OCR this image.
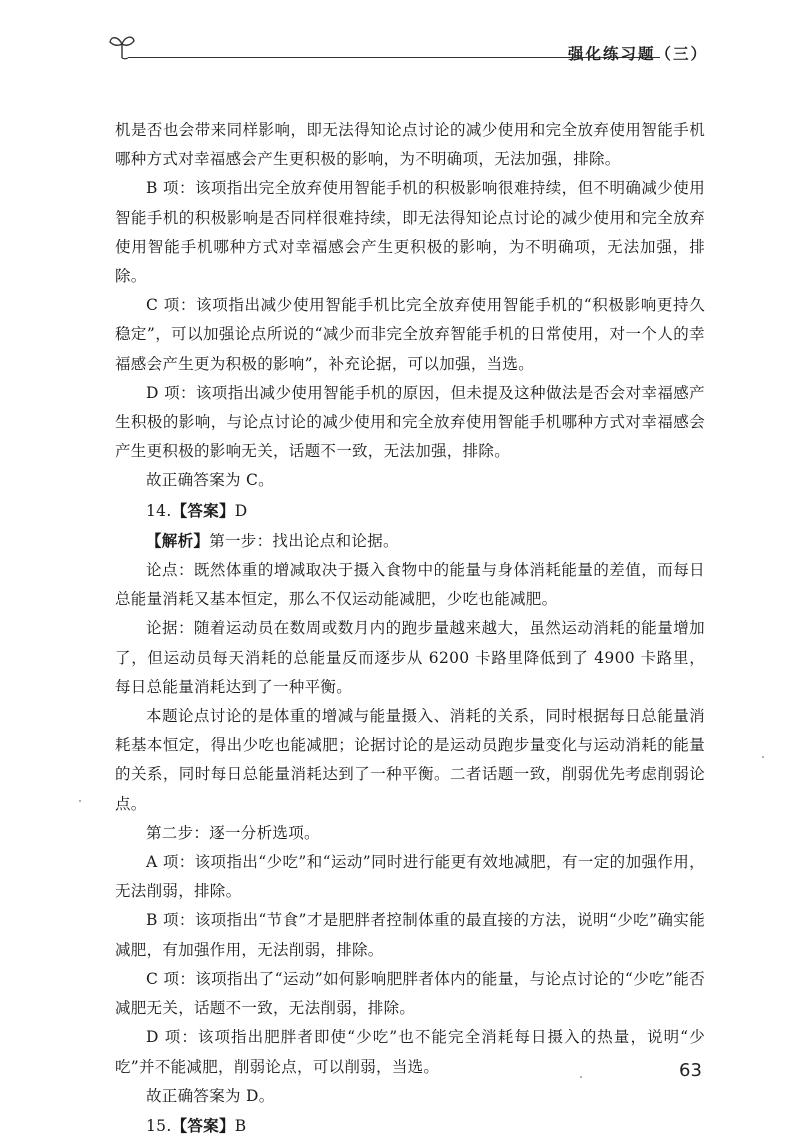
强化练习题（三）

机是否也会带来同样影响，即无法得知论点讨论的减少使用和完全放弃使用智能手机哪种方式对幸福感会产生更积极的影响，为不明确项，无法加强，排除。

B 项：该项指出完全放弃使用智能手机的积极影响很难持续，但不明确减少使用智能手机的积极影响是否同样很难持续，即无法得知论点讨论的减少使用和完全放弃使用智能手机哪种方式对幸福感会产生更积极的影响，为不明确项，无法加强，排除。

C 项：该项指出减少使用智能手机比完全放弃使用智能手机的“积极影响更持久稳定”，可以加强论点所说的“减少而非完全放弃智能手机的日常使用，对一个人的幸福感会产生更为积极的影响”，补充论据，可以加强，当选。

D 项：该项指出减少使用智能手机的原因，但未提及这种做法是否会对幸福感产生积极的影响，与论点讨论的减少使用和完全放弃使用智能手机哪种方式对幸福感会产生更积极的影响无关，话题不一致，无法加强，排除。

故正确答案为 C。

14.【答案】D

【解析】第一步：找出论点和论据。

论点：既然体重的增减取决于摄入食物中的能量与身体消耗能量的差值，而每日总能量消耗又基本恒定，那么不仅运动能减肥，少吃也能减肥。

论据：随着运动员在数周或数月内的跑步量越来越大，虽然运动消耗的能量增加了，但运动员每天消耗的总能量反而逐步从 6200 卡路里降低到了 4900 卡路里，每日总能量消耗达到了一种平衡。

本题论点讨论的是体重的增减与能量摄入、消耗的关系，同时根据每日总能量消耗基本恒定，得出少吃也能减肥；论据讨论的是运动员跑步量变化与运动消耗的能量的关系，同时每日总能量消耗达到了一种平衡。二者话题一致，削弱优先考虑削弱论点。

第二步：逐一分析选项。

A 项：该项指出“少吃”和“运动”同时进行能更有效地减肥，有一定的加强作用，无法削弱，排除。

B 项：该项指出“节食”才是肥胖者控制体重的最直接的方法，说明“少吃”确实能减肥，有加强作用，无法削弱，排除。

C 项：该项指出了“运动”如何影响肥胖者体内的能量，与论点讨论的“少吃”能否减肥无关，话题不一致，无法削弱，排除。

D 项：该项指出肥胖者即使“少吃”也不能完全消耗每日摄入的热量，说明“少吃”并不能减肥，削弱论点，可以削弱，当选。

故正确答案为 D。

15.【答案】B

63
